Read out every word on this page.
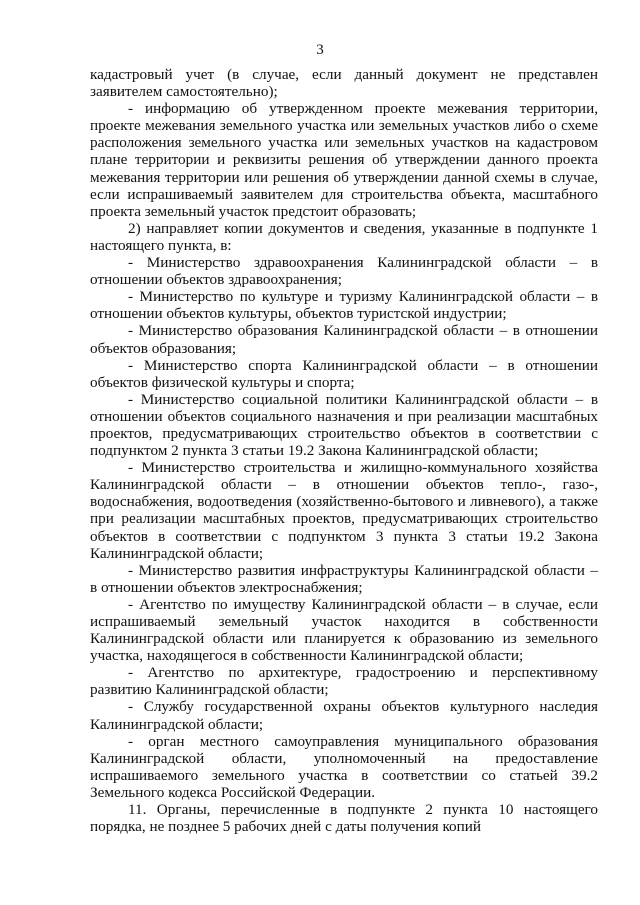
3

кадастровый учет (в случае, если данный документ не представлен заявителем самостоятельно);

- информацию об утвержденном проекте межевания территории, проекте межевания земельного участка или земельных участков либо о схеме расположения земельного участка или земельных участков на кадастровом плане территории и реквизиты решения об утверждении данного проекта межевания территории или решения об утверждении данной схемы в случае, если испрашиваемый заявителем для строительства объекта, масштабного проекта земельный участок предстоит образовать;

2) направляет копии документов и сведения, указанные в подпункте 1 настоящего пункта, в:

- Министерство здравоохранения Калининградской области – в отношении объектов здравоохранения;

- Министерство по культуре и туризму Калининградской области – в отношении объектов культуры, объектов туристской индустрии;

- Министерство образования Калининградской области – в отношении объектов образования;

- Министерство спорта Калининградской области – в отношении объектов физической культуры и спорта;

- Министерство социальной политики Калининградской области – в отношении объектов социального назначения и при реализации масштабных проектов, предусматривающих строительство объектов в соответствии с подпунктом 2 пункта 3 статьи 19.2 Закона Калининградской области;

- Министерство строительства и жилищно-коммунального хозяйства Калининградской области – в отношении объектов тепло-, газо-, водоснабжения, водоотведения (хозяйственно-бытового и ливневого), а также при реализации масштабных проектов, предусматривающих строительство объектов в соответствии с подпунктом 3 пункта 3 статьи 19.2 Закона Калининградской области;

- Министерство развития инфраструктуры Калининградской области – в отношении объектов электроснабжения;

- Агентство по имуществу Калининградской области – в случае, если испрашиваемый земельный участок находится в собственности Калининградской области или планируется к образованию из земельного участка, находящегося в собственности Калининградской области;

- Агентство по архитектуре, градостроению и перспективному развитию Калининградской области;

- Службу государственной охраны объектов культурного наследия Калининградской области;

- орган местного самоуправления муниципального образования Калининградской области, уполномоченный на предоставление испрашиваемого земельного участка в соответствии со статьей 39.2 Земельного кодекса Российской Федерации.

11. Органы, перечисленные в подпункте 2 пункта 10 настоящего порядка, не позднее 5 рабочих дней с даты получения копий
